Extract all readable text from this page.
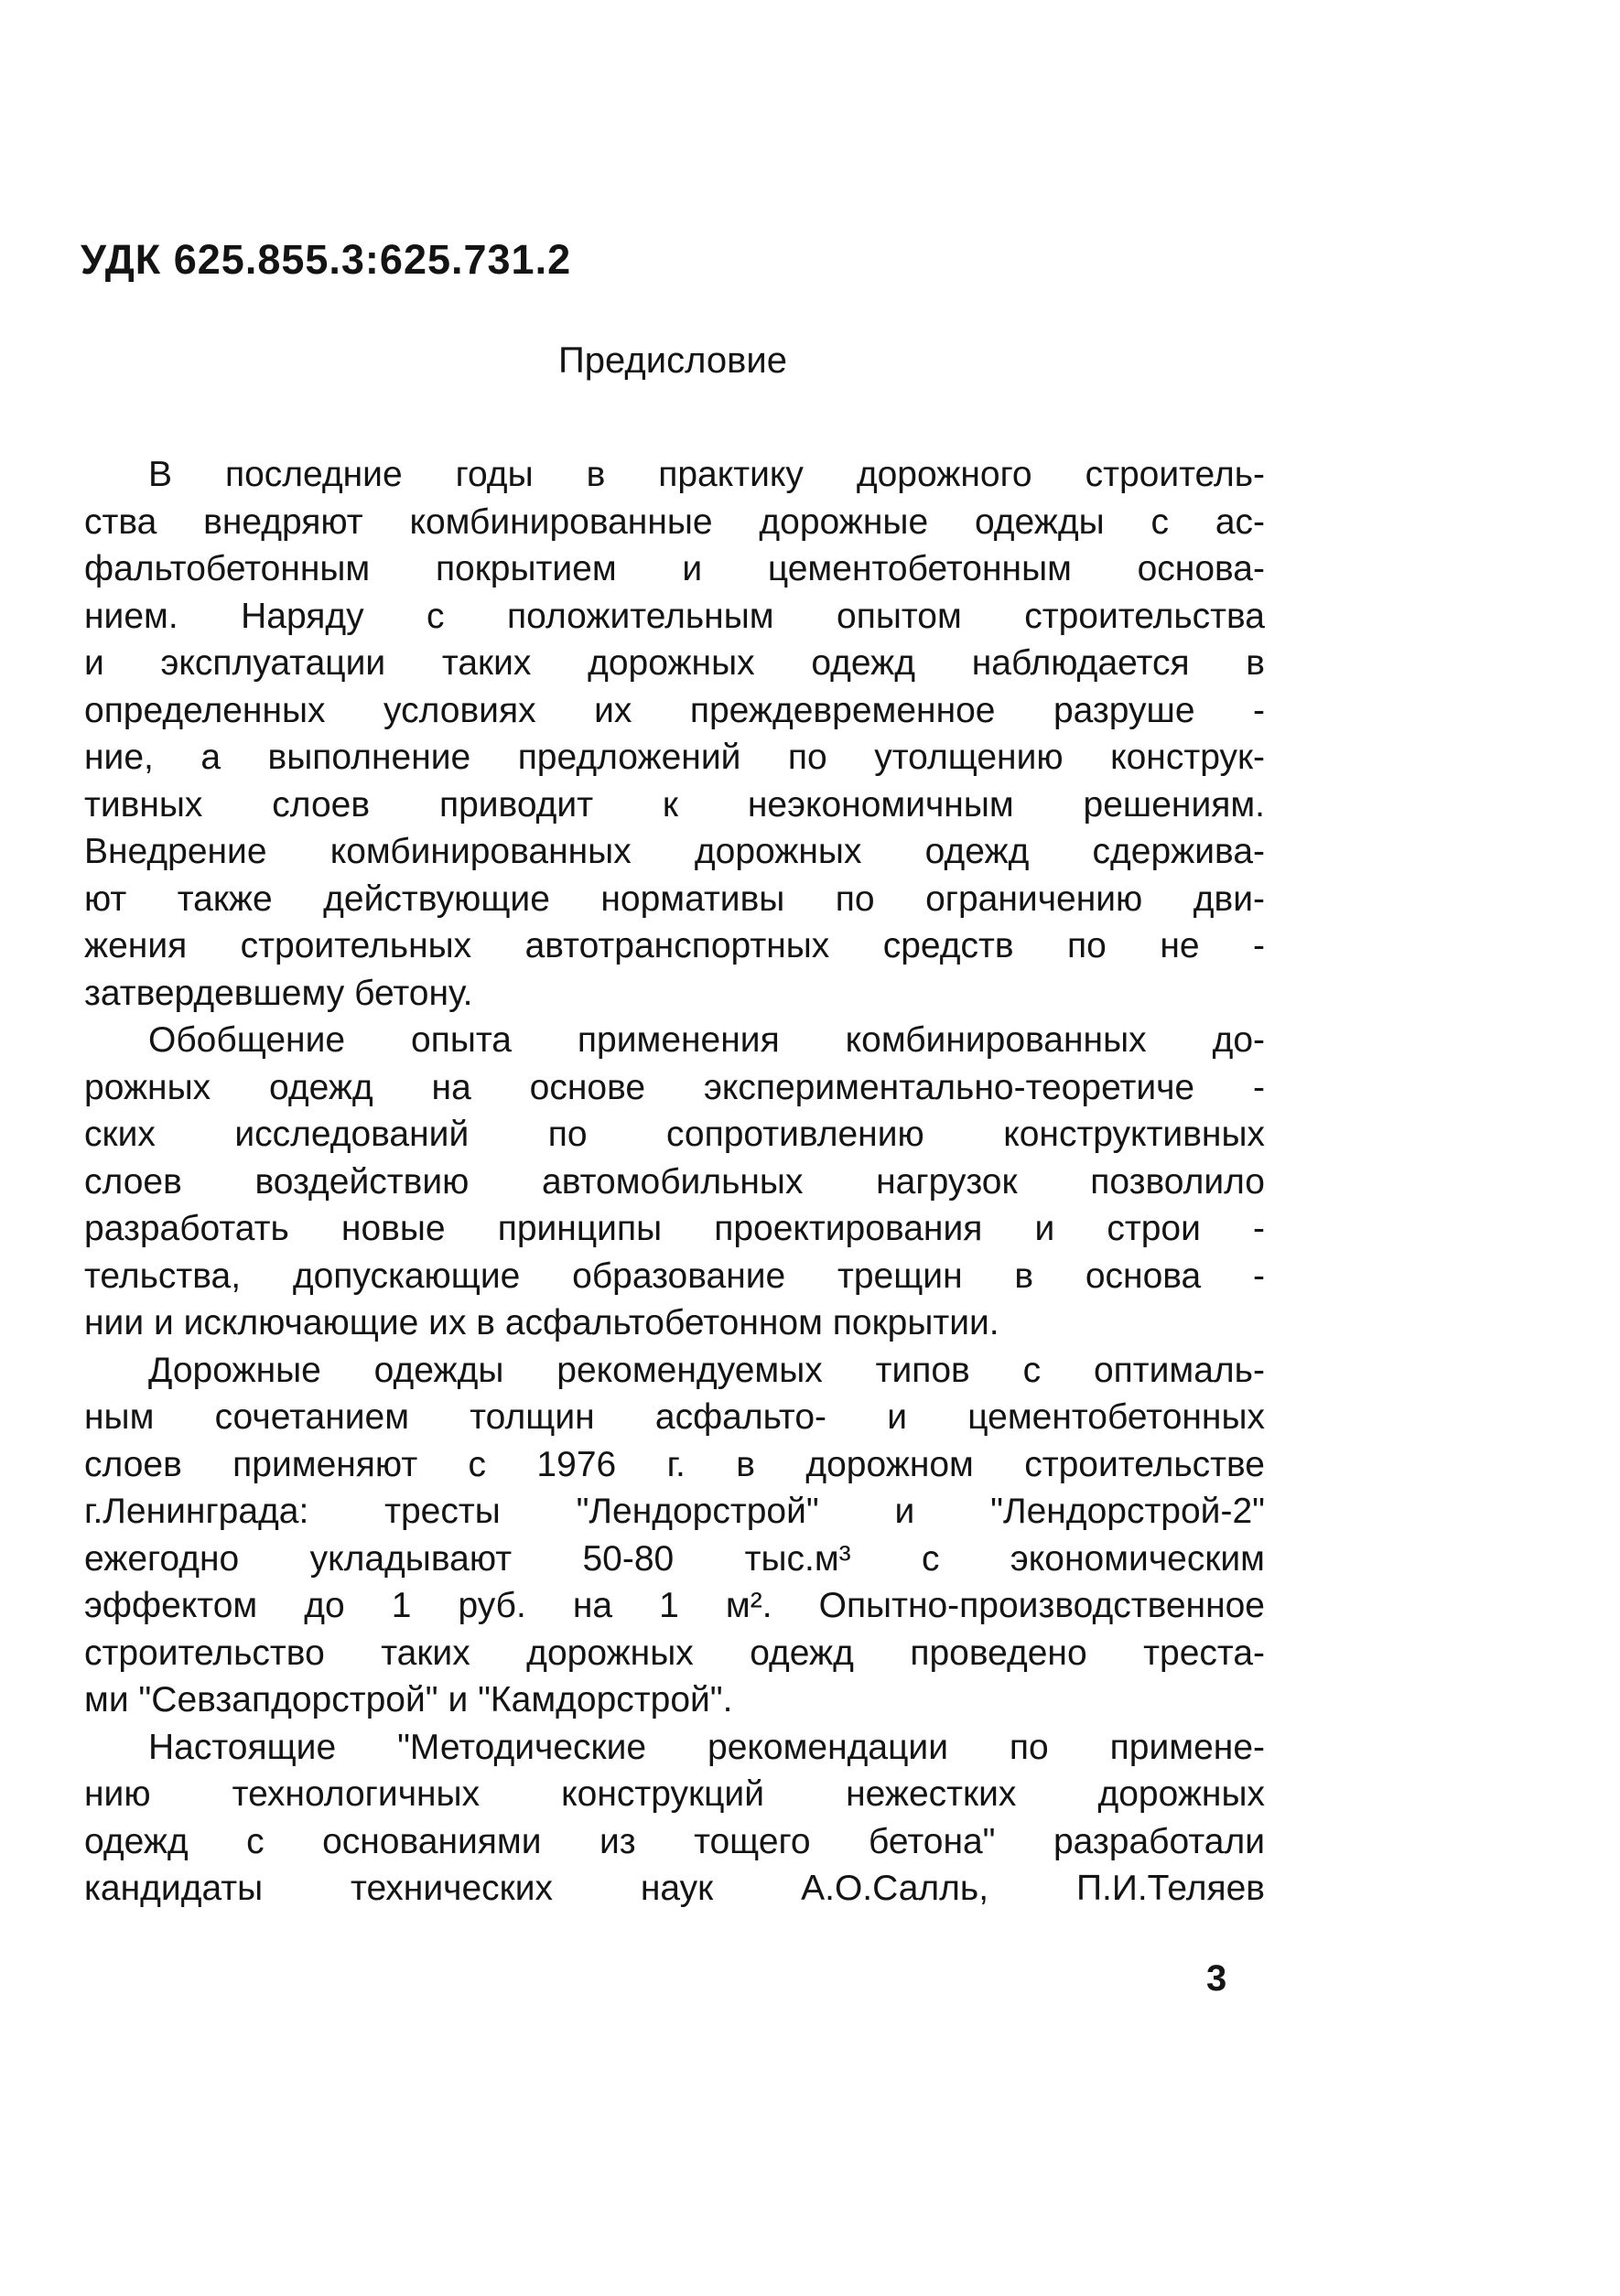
УДК 625.855.3:625.731.2

Предисловие
В последние годы в практику дорожного строитель-
ства внедряют комбинированные дорожные одежды с ас-
фальтобетонным покрытием и цементобетонным основа-
нием. Наряду с положительным опытом строительства
и эксплуатации таких дорожных одежд наблюдается в
определенных условиях их преждевременное разруше -
ние, а выполнение предложений по утолщению конструк-
тивных слоев приводит к неэкономичным решениям.
Внедрение комбинированных дорожных одежд сдержива-
ют также действующие нормативы по ограничению дви-
жения строительных автотранспортных средств по не -
затвердевшему бетону.
Обобщение опыта применения комбинированных до-
рожных одежд на основе экспериментально-теоретиче -
ских исследований по сопротивлению конструктивных
слоев воздействию автомобильных нагрузок позволило
разработать новые принципы проектирования и строи -
тельства, допускающие образование трещин в основа -
нии и исключающие их в асфальтобетонном покрытии.
Дорожные одежды рекомендуемых типов с оптималь-
ным сочетанием толщин асфальто- и цементобетонных
слоев применяют с 1976 г. в дорожном строительстве
г.Ленинграда: тресты "Лендорстрой" и "Лендорстрой-2"
ежегодно укладывают 50-80 тыс.м³ с экономическим
эффектом до 1 руб. на 1 м². Опытно-производственное
строительство таких дорожных одежд проведено треста-
ми "Севзапдорстрой" и "Камдорстрой".
Настоящие "Методические рекомендации по примене-
нию технологичных конструкций нежестких дорожных
одежд с основаниями из тощего бетона" разработали
кандидаты технических наук А.О.Салль, П.И.Теляев

3
